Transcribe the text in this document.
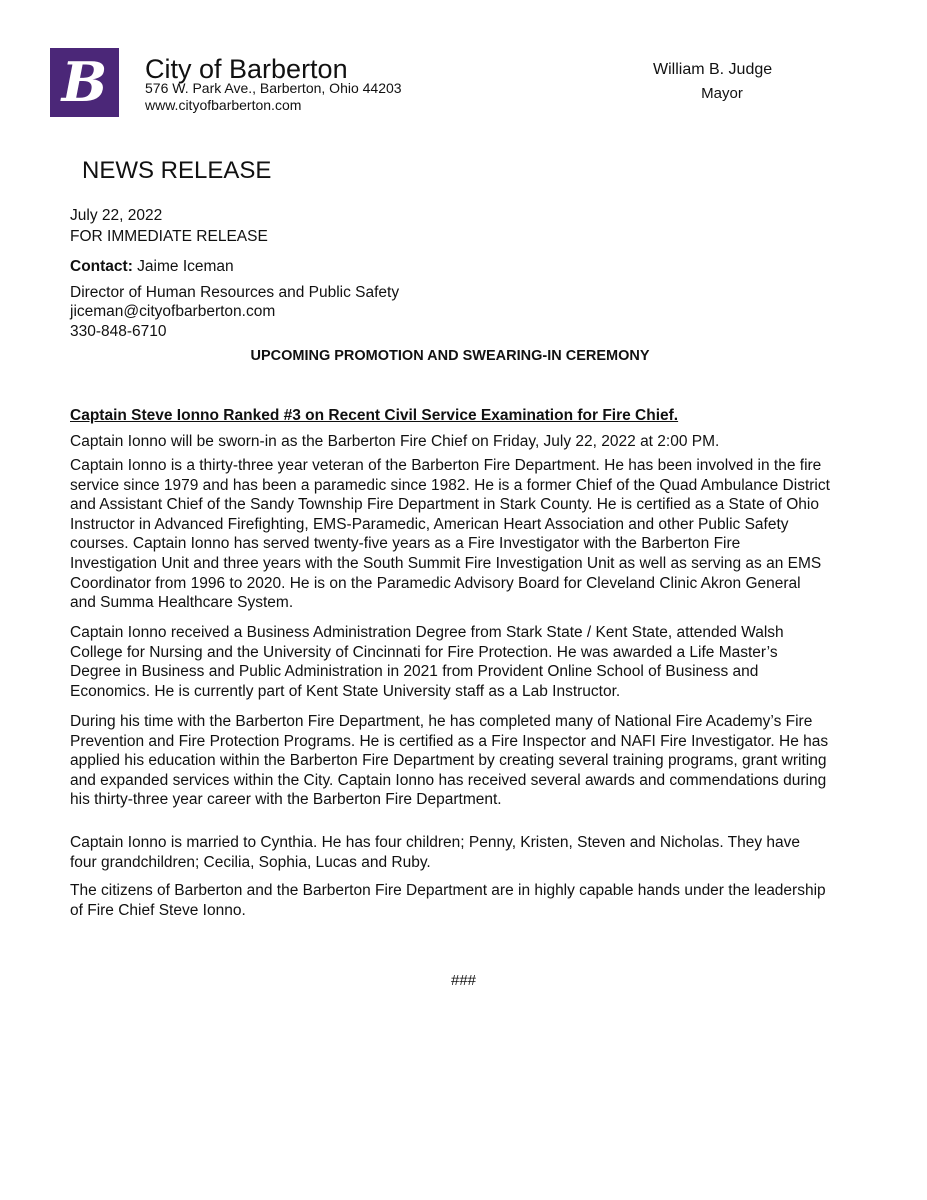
B	City of Barberton
576 W. Park Ave., Barberton, Ohio 44203
www.cityofbarberton.com
William B. Judge
Mayor
NEWS RELEASE
July 22, 2022
FOR IMMEDIATE RELEASE
Contact: Jaime Iceman
Director of Human Resources and Public Safety
jiceman@cityofbarberton.com
330-848-6710
UPCOMING PROMOTION AND SWEARING-IN CEREMONY
Captain Steve Ionno Ranked #3 on Recent Civil Service Examination for Fire Chief.
Captain Ionno will be sworn-in as the Barberton Fire Chief on Friday, July 22, 2022 at 2:00 PM.
Captain Ionno is a thirty-three year veteran of the Barberton Fire Department. He has been involved in the fire service since 1979 and has been a paramedic since 1982. He is a former Chief of the Quad Ambulance District and Assistant Chief of the Sandy Township Fire Department in Stark County. He is certified as a State of Ohio Instructor in Advanced Firefighting, EMS-Paramedic, American Heart Association and other Public Safety courses. Captain Ionno has served twenty-five years as a Fire Investigator with the Barberton Fire Investigation Unit and three years with the South Summit Fire Investigation Unit as well as serving as an EMS Coordinator from 1996 to 2020. He is on the Paramedic Advisory Board for Cleveland Clinic Akron General and Summa Healthcare System.
Captain Ionno received a Business Administration Degree from Stark State / Kent State, attended Walsh College for Nursing and the University of Cincinnati for Fire Protection. He was awarded a Life Master’s Degree in Business and Public Administration in 2021 from Provident Online School of Business and Economics. He is currently part of Kent State University staff as a Lab Instructor.
During his time with the Barberton Fire Department, he has completed many of National Fire Academy’s Fire Prevention and Fire Protection Programs. He is certified as a Fire Inspector and NAFI Fire Investigator. He has applied his education within the Barberton Fire Department by creating several training programs, grant writing and expanded services within the City. Captain Ionno has received several awards and commendations during his thirty-three year career with the Barberton Fire Department.
Captain Ionno is married to Cynthia. He has four children; Penny, Kristen, Steven and Nicholas. They have four grandchildren; Cecilia, Sophia, Lucas and Ruby.
The citizens of Barberton and the Barberton Fire Department are in highly capable hands under the leadership of Fire Chief Steve Ionno.
###
